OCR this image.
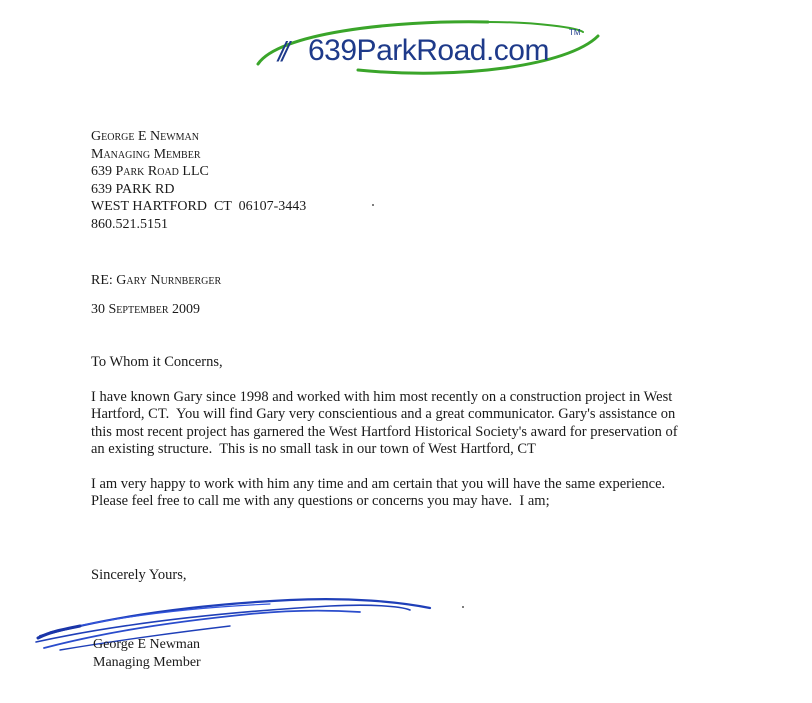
// 639ParkRoad.com
TM
George E Newman
Managing Member
639 Park Road LLC
639 PARK RD
WEST HARTFORD  CT  06107-3443
860.521.5151
RE: Gary Nurnberger
30 September 2009
To Whom it Concerns,
I have known Gary since 1998 and worked with him most recently on a construction project in West
Hartford, CT.  You will find Gary very conscientious and a great communicator. Gary's assistance on
this most recent project has garnered the West Hartford Historical Society's award for preservation of
an existing structure.  This is no small task in our town of West Hartford, CT
I am very happy to work with him any time and am certain that you will have the same experience.
Please feel free to call me with any questions or concerns you may have.  I am;
Sincerely Yours,
George E Newman
Managing Member
